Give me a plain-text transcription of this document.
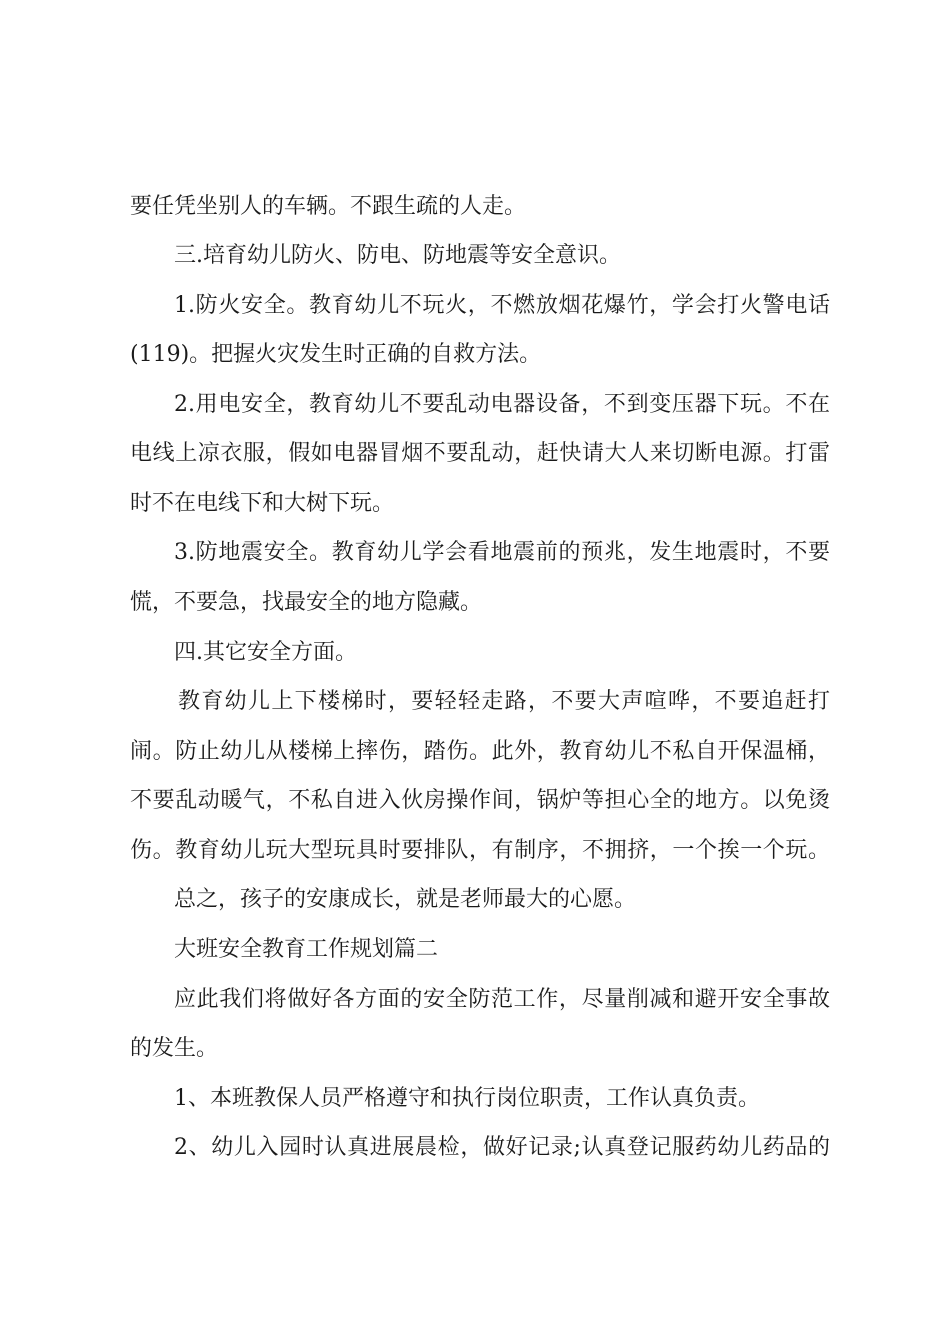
要任凭坐别人的车辆。不跟生疏的人走。
三.培育幼儿防火、防电、防地震等安全意识。
1.防火安全。教育幼儿不玩火，不燃放烟花爆竹，学会打火警电话
(119)。把握火灾发生时正确的自救方法。
2.用电安全，教育幼儿不要乱动电器设备，不到变压器下玩。不在
电线上凉衣服，假如电器冒烟不要乱动，赶快请大人来切断电源。打雷
时不在电线下和大树下玩。
3.防地震安全。教育幼儿学会看地震前的预兆，发生地震时，不要
慌，不要急，找最安全的地方隐藏。
四.其它安全方面。
教育幼儿上下楼梯时，要轻轻走路，不要大声喧哗，不要追赶打
闹。防止幼儿从楼梯上摔伤，踏伤。此外，教育幼儿不私自开保温桶，
不要乱动暖气，不私自进入伙房操作间，锅炉等担心全的地方。以免烫
伤。教育幼儿玩大型玩具时要排队，有制序，不拥挤，一个挨一个玩。
总之，孩子的安康成长，就是老师最大的心愿。
大班安全教育工作规划篇二
应此我们将做好各方面的安全防范工作，尽量削减和避开安全事故
的发生。
1、本班教保人员严格遵守和执行岗位职责，工作认真负责。
2、幼儿入园时认真进展晨检，做好记录;认真登记服药幼儿药品的
